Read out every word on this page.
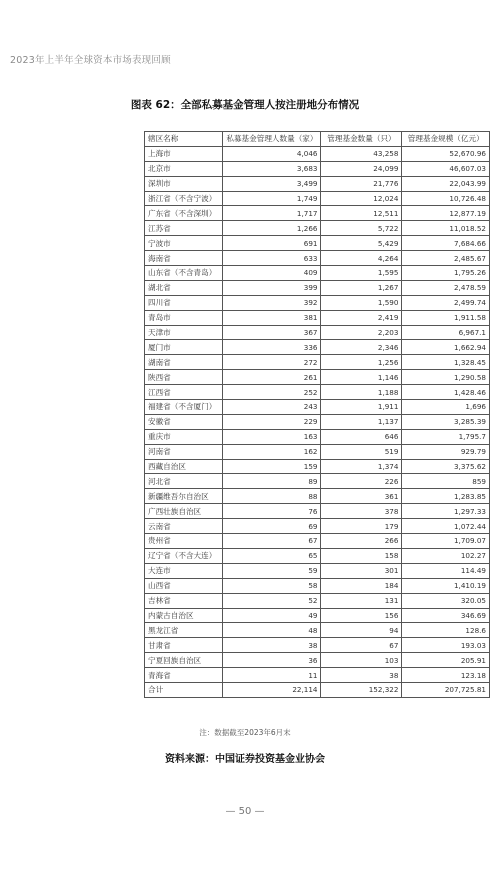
2023年上半年全球资本市场表现回顾
图表 62：全部私募基金管理人按注册地分布情况
辖区名称	私募基金管理人数量（家）	管理基金数量（只）	管理基金规模（亿元）
上海市	4,046	43,258	52,670.96
北京市	3,683	24,099	46,607.03
深圳市	3,499	21,776	22,043.99
浙江省（不含宁波）	1,749	12,024	10,726.48
广东省（不含深圳）	1,717	12,511	12,877.19
江苏省	1,266	5,722	11,018.52
宁波市	691	5,429	7,684.66
海南省	633	4,264	2,485.67
山东省（不含青岛）	409	1,595	1,795.26
湖北省	399	1,267	2,478.59
四川省	392	1,590	2,499.74
青岛市	381	2,419	1,911.58
天津市	367	2,203	6,967.1
厦门市	336	2,346	1,662.94
湖南省	272	1,256	1,328.45
陕西省	261	1,146	1,290.58
江西省	252	1,188	1,428.46
福建省（不含厦门）	243	1,911	1,696
安徽省	229	1,137	3,285.39
重庆市	163	646	1,795.7
河南省	162	519	929.79
西藏自治区	159	1,374	3,375.62
河北省	89	226	859
新疆维吾尔自治区	88	361	1,283.85
广西壮族自治区	76	378	1,297.33
云南省	69	179	1,072.44
贵州省	67	266	1,709.07
辽宁省（不含大连）	65	158	102.27
大连市	59	301	114.49
山西省	58	184	1,410.19
吉林省	52	131	320.05
内蒙古自治区	49	156	346.69
黑龙江省	48	94	128.6
甘肃省	38	67	193.03
宁夏回族自治区	36	103	205.91
青海省	11	38	123.18
合计	22,114	152,322	207,725.81
注：数据截至2023年6月末
资料来源：中国证券投资基金业协会
— 50 —
